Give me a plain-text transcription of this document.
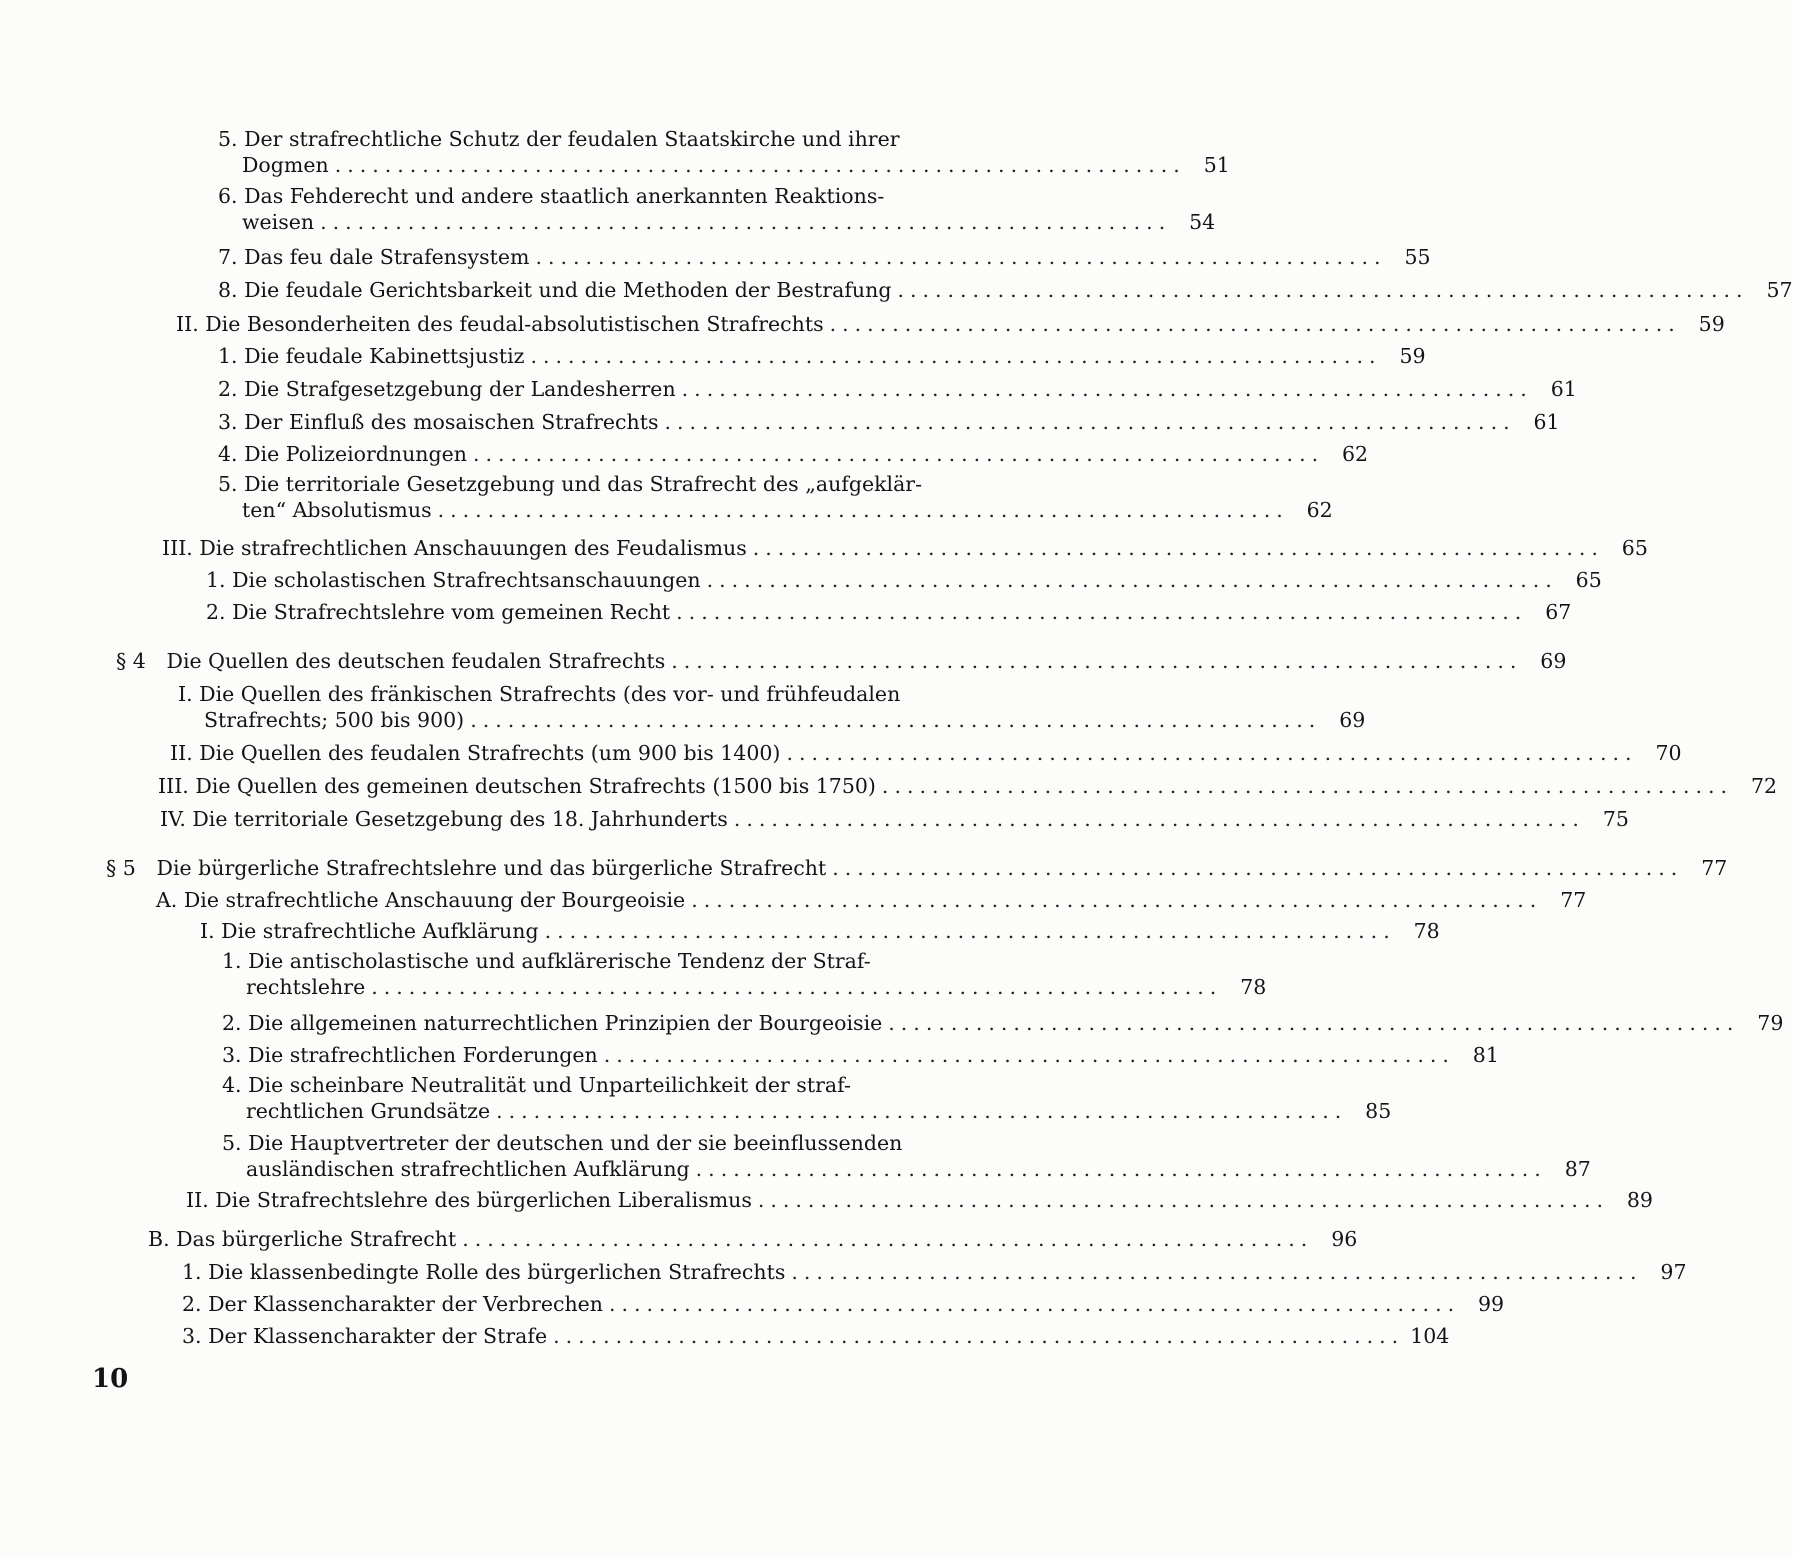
5.
Der strafrechtliche Schutz der feudalen Staatskirche und ihrer
Dogmen .................................................................... 51
6.
Das Fehderecht und andere staatlich anerkannten Reaktions-
weisen .................................................................... 54
7.
Das feu dale Strafensystem .................................................................... 55
8.
Die feudale Gerichtsbarkeit und die Methoden der Bestrafung .................................................................... 57
II.
Die Besonderheiten des feudal-absolutistischen Strafrechts .................................................................... 59
1.
Die feudale Kabinettsjustiz .................................................................... 59
2.
Die Strafgesetzgebung der Landesherren .................................................................... 61
3.
Der Einfluß des mosaischen Strafrechts .................................................................... 61
4.
Die Polizeiordnungen .................................................................... 62
5.
Die territoriale Gesetzgebung und das Strafrecht des „aufgeklär-
ten“ Absolutismus .................................................................... 62
III.
Die strafrechtlichen Anschauungen des Feudalismus .................................................................... 65
1.
Die scholastischen Strafrechtsanschauungen .................................................................... 65
2.
Die Strafrechtslehre vom gemeinen Recht .................................................................... 67
§ 4
	Die Quellen des deutschen feudalen Strafrechts .................................................................... 69
I.
Die Quellen des fränkischen Strafrechts (des vor- und frühfeudalen
Strafrechts; 500 bis 900) .................................................................... 69
II.
Die Quellen des feudalen Strafrechts (um 900 bis 1400) .................................................................... 70
III.
Die Quellen des gemeinen deutschen Strafrechts (1500 bis 1750) .................................................................... 72
IV.
Die territoriale Gesetzgebung des 18. Jahrhunderts .................................................................... 75
§ 5
	Die bürgerliche Strafrechtslehre und das bürgerliche Strafrecht .................................................................... 77
A.
Die strafrechtliche Anschauung der Bourgeoisie .................................................................... 77
I.
Die strafrechtliche Aufklärung .................................................................... 78
1.
Die antischolastische und aufklärerische Tendenz der Straf-
rechtslehre .................................................................... 78
2.
Die allgemeinen naturrechtlichen Prinzipien der Bourgeoisie .................................................................... 79
3.
Die strafrechtlichen Forderungen .................................................................... 81
4.
Die scheinbare Neutralität und Unparteilichkeit der straf-
rechtlichen Grundsätze .................................................................... 85
5.
Die Hauptvertreter der deutschen und der sie beeinflussenden
ausländischen strafrechtlichen Aufklärung .................................................................... 87
II.
Die Strafrechtslehre des bürgerlichen Liberalismus .................................................................... 89
B.
Das bürgerliche Strafrecht .................................................................... 96
1.
Die klassenbedingte Rolle des bürgerlichen Strafrechts .................................................................... 97
2.
Der Klassencharakter der Verbrechen .................................................................... 99
3.
Der Klassencharakter der Strafe .................................................................... 104
10
